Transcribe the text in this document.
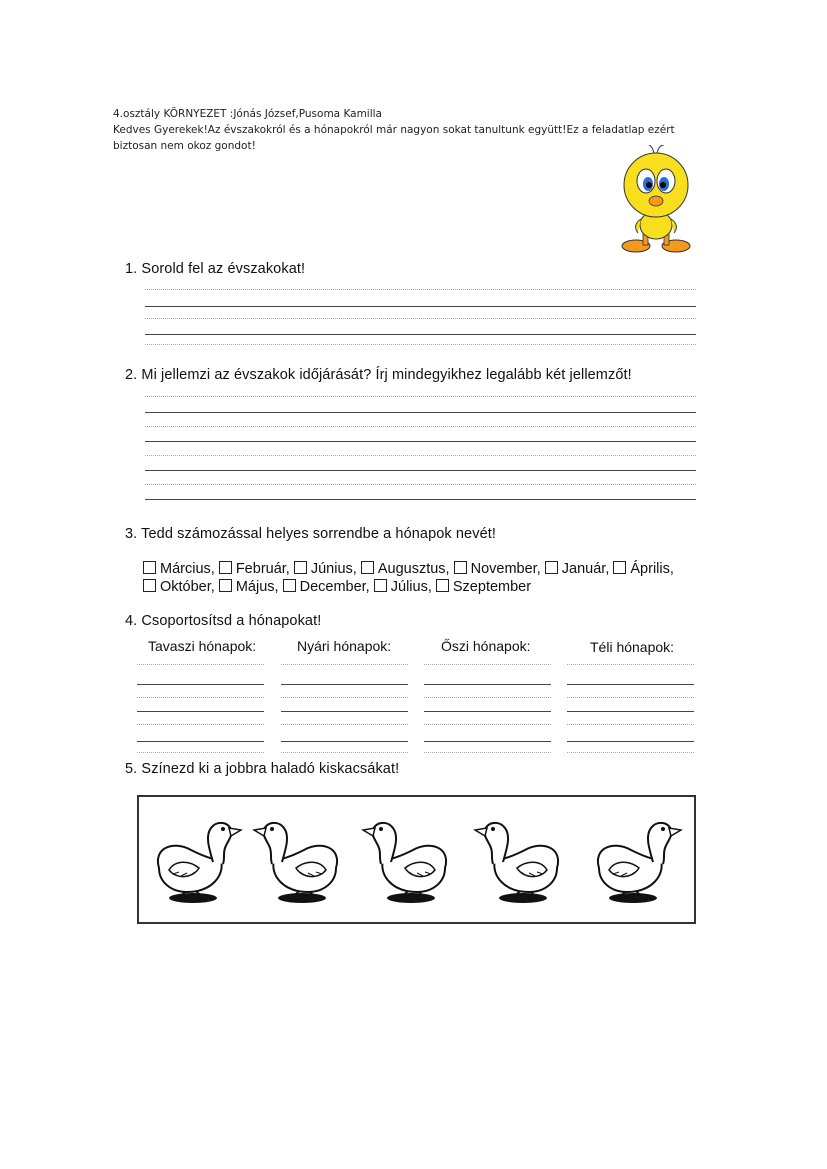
4.osztály KÖRNYEZET :Jónás József,Pusoma Kamilla
Kedves Gyerekek!Az évszakokról és a hónapokról már nagyon sokat tanultunk együtt!Ez a feladatlap ezért
biztosan nem okoz gondot!
1. Sorold fel az évszakokat!
2. Mi jellemzi az évszakok időjárását? Írj mindegyikhez legalább két jellemzőt!
3. Tedd számozással helyes sorrendbe a hónapok nevét!
Március, Február, Június, Augusztus, November, Január, Április,
Október, Május, December, Július, Szeptember
4. Csoportosítsd a hónapokat!
Tavaszi hónapok:	Nyári hónapok:	Őszi hónapok:	Téli hónapok:
5. Színezd ki a jobbra haladó kiskacsákat!
